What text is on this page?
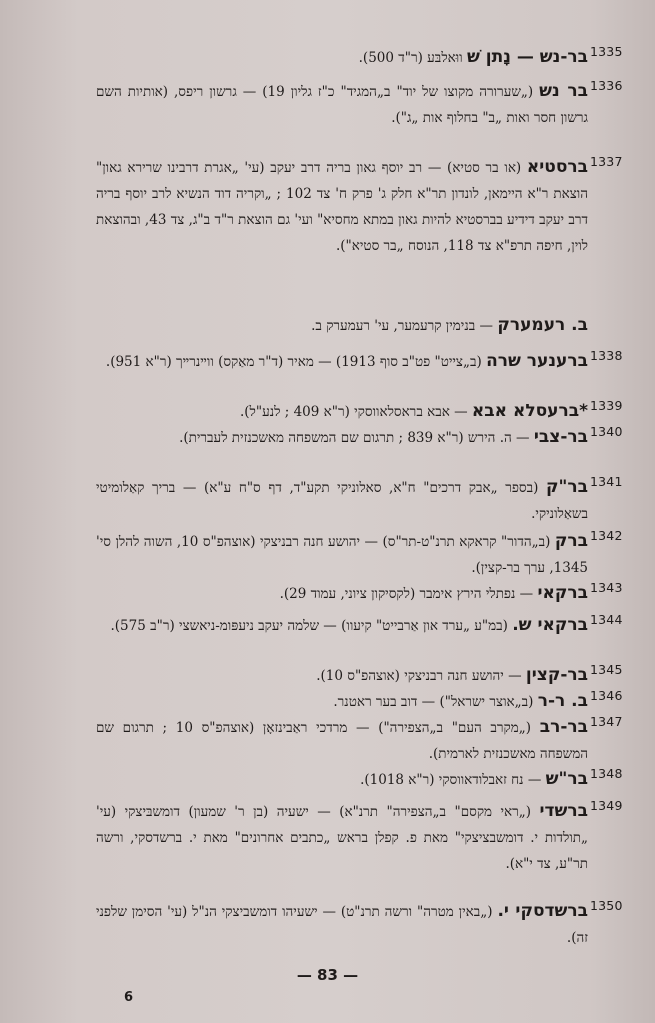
1335
בר-נש — נָתן שׁ ווּאלבּע (ר"ד 500).
1336
בר נש („שערורה מקוצו של יוד" ב„המגיד" כ"ז גליון 19) — גרשון ריפס, (אותיות השם גרשון חסר ואות „ב" בחלוף אות „ג").
1337
ברסטיא (או בר סטיא) — רב יוסף גאון בריה דרב יעקב (עי' „אגרת דרבינו שרירא גאון" הוצאת ר"א היימאן, לונדון תר"א חלק ג' פרק ח' צד 102 ; „וקריה דוד הנשיא לרב יוסף בריה דרב יעקב דידיע בברסטיא להיות גאון במתא מחסיא" ועי' גם הוצאת ר"ד ב"ג, צד 43, ובהוצאת לוין, חיפה תרפ"א צד 118, הנוסח „בר סטיא").
ב. רעמערק — בנימין קרעמער, עי' רעמערק ב.
1338
ברענער שרה (ב„צייט" פט"ב סוף 1913) — מאיר (ד"ר מאַקס) ווײנרײך (ר"א 951).
1339
*ברעסלא אבא — אבא בראסלאווסקי (ר"א 409 ; לנע"ל).
1340
בר-צבי — ה. הירש (ר"א 839 ; תרגום שם המשפחה מאשכנזית לעברית).
1341
בר"ק (בספר „אבק דרכים" ח"א, סאלוניקי תקע"ד, דף ס"ח ע"א) — בריך קאַלומיטי בשאַלוניקי.
1342
ברק (ב„הדור" קראקא תרנ"ט-תר"ס) — יהושע חנה רבניצקי (אוצהפ"ס 10, השוה להלן סי' 1345, ערך בר-קצין).
1343
ברקאי — נפתלי הירץ אימבר (לקסיקון ציוני, עמוד 29).
1344
ברקאי ש. (במ"ע „ערד און אַרבייט" קיעוו) — שלמה יעקב ניעפּומ-ניאשצי (ר"ב 575).
1345
בר-קצין — יהושע חנה רבניצקי (אוצהפ"ס 10).
1346
ב. ר-ר (ב„אוצר ישראל") — דוב בער ראטנר.
1347
בר-רב („מקרב העם" ב„הצפירה") — מרדכי ראַבינזאָן (אוצהפ"ס 10 ; תרגום שם המשפחה מאשכנזית לארמית).
1348
בר"ש — נח זאבלודאווסקי (ר"א 1018).
1349
ברשדי („ראי מקסם" ב„הצפירה" תרנ"א) — ישעיה (בן ר' שמעון) דומשבּיצקי (עי' „תולדות י. דומשבציצקי" מאת פ. קפלן בראש „כתבים אחרונים" מאת י. ברשדסקי, ורשה תר"ע, צד י"א).
1350
ברשדסקי י. („באין מטרה" ורשה תרנ"ט) — ישעיהו דומשביצקי הנ"ל (עי' הסימן שלפני זה).
— 83 —
6
